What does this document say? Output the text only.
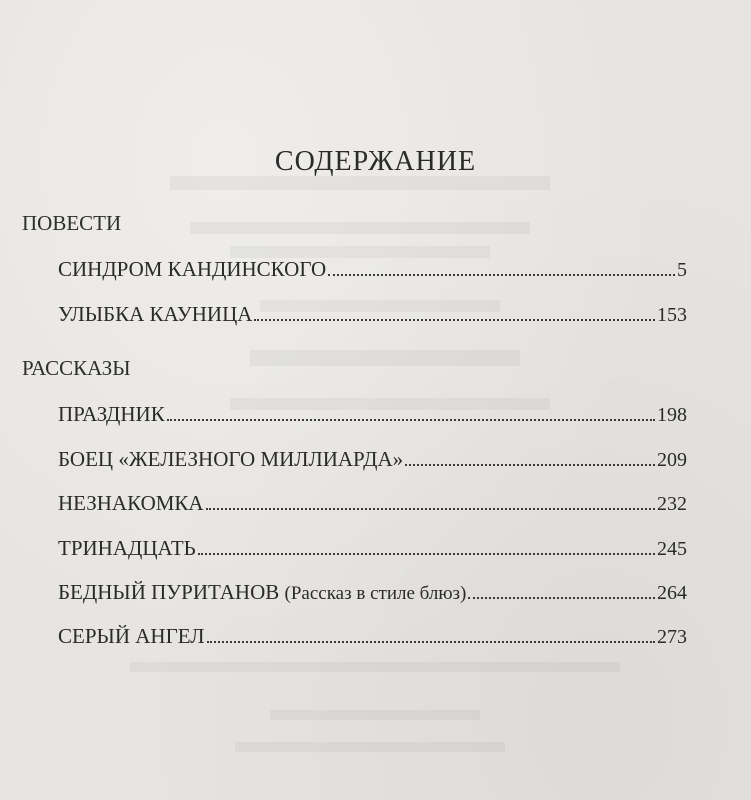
СОДЕРЖАНИЕ
ПОВЕСТИ
СИНДРОМ КАНДИНСКОГО	5
УЛЫБКА КАУНИЦА	153
РАССКАЗЫ
ПРАЗДНИК	198
БОЕЦ «ЖЕЛЕЗНОГО МИЛЛИАРДА»	209
НЕЗНАКОМКА	232
ТРИНАДЦАТЬ	245
БЕДНЫЙ ПУРИТАНОВ (Рассказ в стиле блюз)	264
СЕРЫЙ АНГЕЛ	273
